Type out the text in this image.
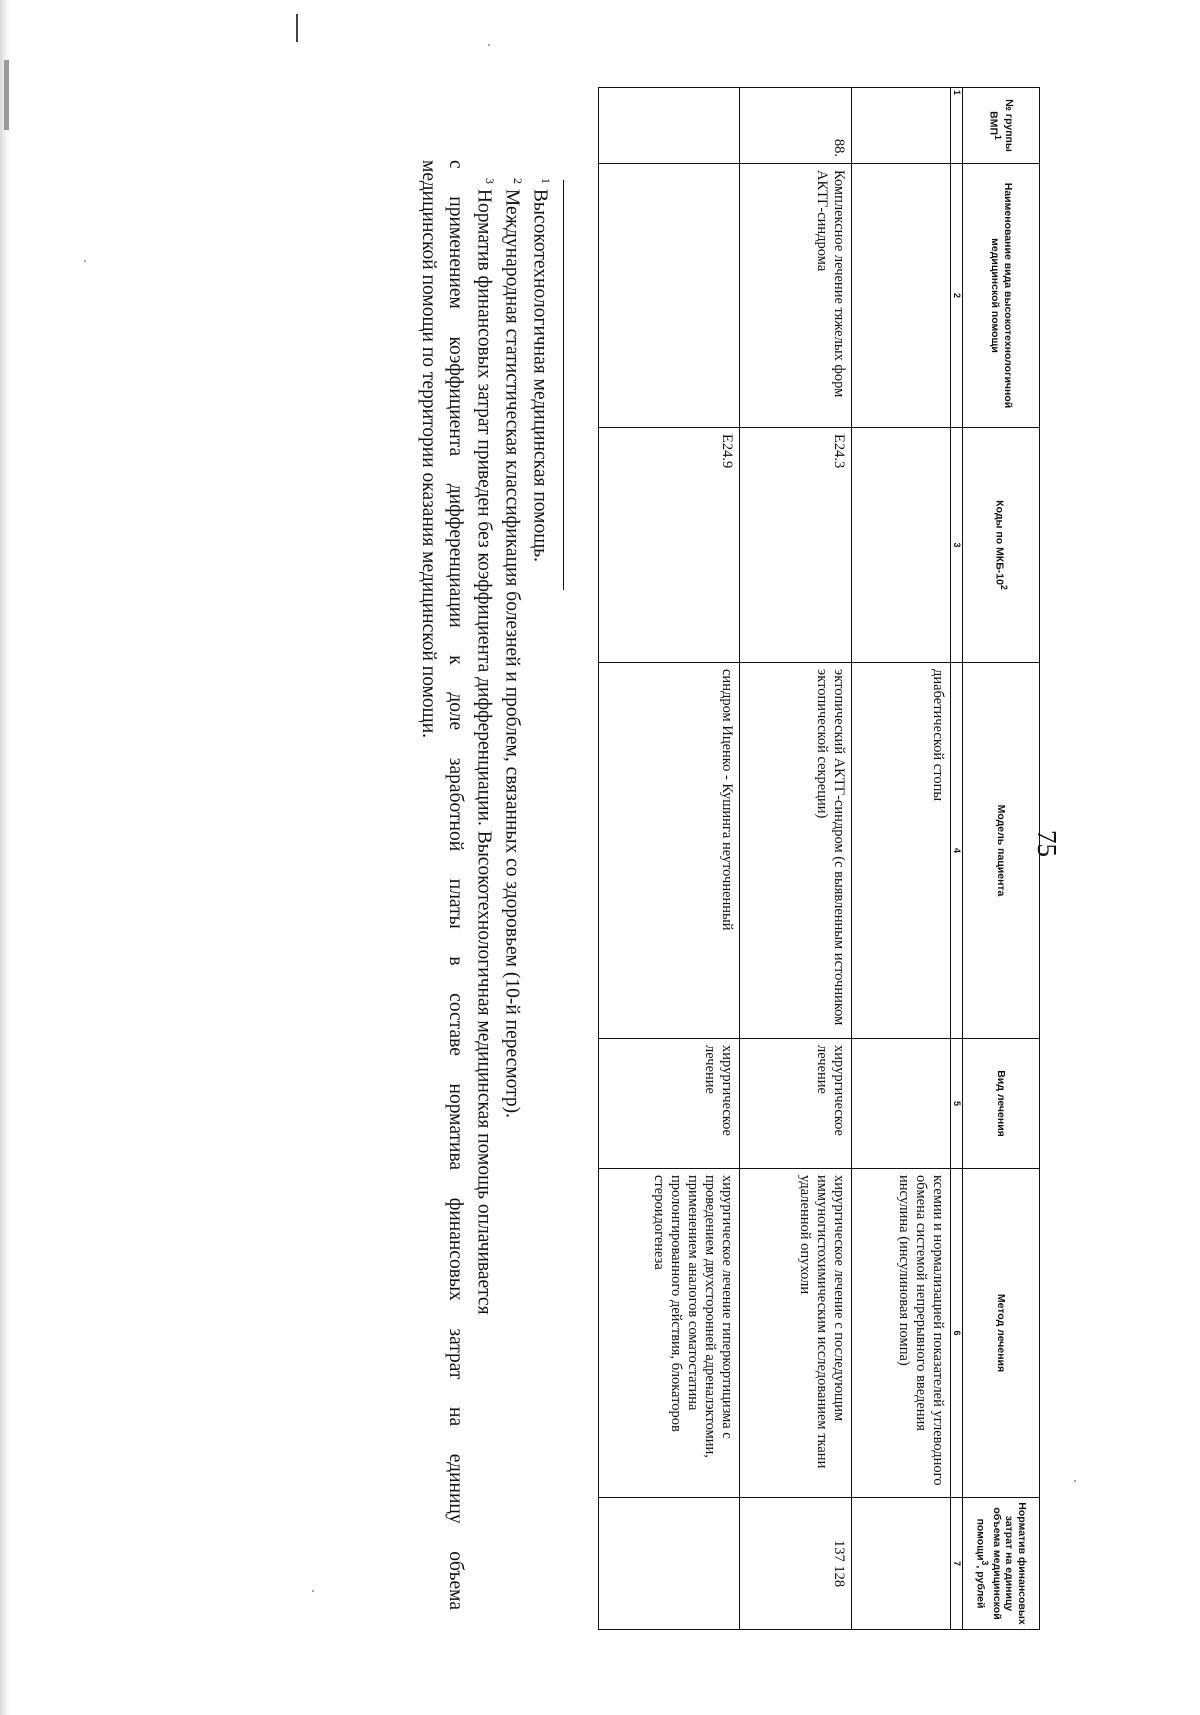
75
№ группы ВМП$^1$	Наименование вида высокотехнологичной медицинской помощи	Коды по МКБ-$10^2$	Модель пациента	Вид лечения	Метод лечения	Норматив финансовых затрат на единицу объема медицинской помощи$^3$, рублей
1	2	3	4	5	6	7
			диабетической стопы		ксемии и нормализацией показателей углеводного обмена системой непрерывного введения инсулина (инсулиновая помпа)	
88.	Комплексное лечение тяжелых форм АКТГ-синдрома	E24.3	эктопический АКТГ-синдром (с выявленным источником эктопической секреции)	хирургическое лечение	хирургическое лечение с последующим иммуногистохимическим исследованием ткани удаленной опухоли	137 128
		E24.9	синдром Иценко - Кушинга неуточненный	хирургическое лечение	хирургическое лечение гиперкортицизма с проведением двухсторонней адреналэктомии, применением аналогов соматостатина пролонгированного действия, блокаторов стероидогенеза	
$^1$ Высокотехнологичная медицинская помощь.
$^2$ Международная статистическая классификация болезней и проблем, связанных со здоровьем (10-й пересмотр).
$^3$ Норматив финансовых затрат приведен без коэффициента дифференциации. Высокотехнологичная медицинская помощь оплачивается
с применением коэффициента дифференциации к доле заработной платы в составе норматива финансовых затрат на единицу объема
медицинской помощи по территории оказания медицинской помощи.
